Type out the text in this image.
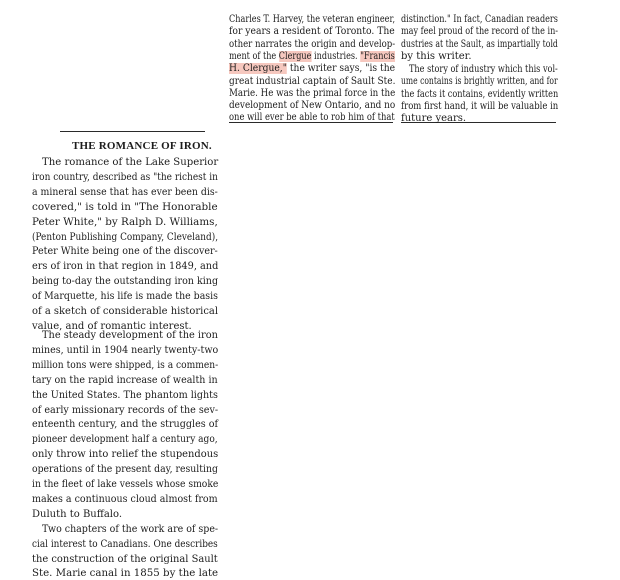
THE ROMANCE OF IRON.
The romance of the Lake Superior
iron country, described as "the richest in
a mineral sense that has ever been dis-
covered," is told in "The Honorable
Peter White," by Ralph D. Williams,
(Penton Publishing Company, Cleveland),
Peter White being one of the discover-
ers of iron in that region in 1849, and
being to-day the outstanding iron king
of Marquette, his life is made the basis
of a sketch of considerable historical
value, and of romantic interest.
The steady development of the iron
mines, until in 1904 nearly twenty-two
million tons were shipped, is a commen-
tary on the rapid increase of wealth in
the United States. The phantom lights
of early missionary records of the sev-
enteenth century, and the struggles of
pioneer development half a century ago,
only throw into relief the stupendous
operations of the present day, resulting
in the fleet of lake vessels whose smoke
makes a continuous cloud almost from
Duluth to Buffalo.
Two chapters of the work are of spe-
cial interest to Canadians. One describes
the construction of the original Sault
Ste. Marie canal in 1855 by the late
Charles T. Harvey, the veteran engineer,
for years a resident of Toronto. The
other narrates the origin and develop-
ment of the Clergue industries. "Francis
H. Clergue," the writer says, "is the
great industrial captain of Sault Ste.
Marie. He was the primal force in the
development of New Ontario, and no
one will ever be able to rob him of that
distinction." In fact, Canadian readers
may feel proud of the record of the in-
dustries at the Sault, as impartially told
by this writer.
The story of industry which this vol-
ume contains is brightly written, and for
the facts it contains, evidently written
from first hand, it will be valuable in
future years.
